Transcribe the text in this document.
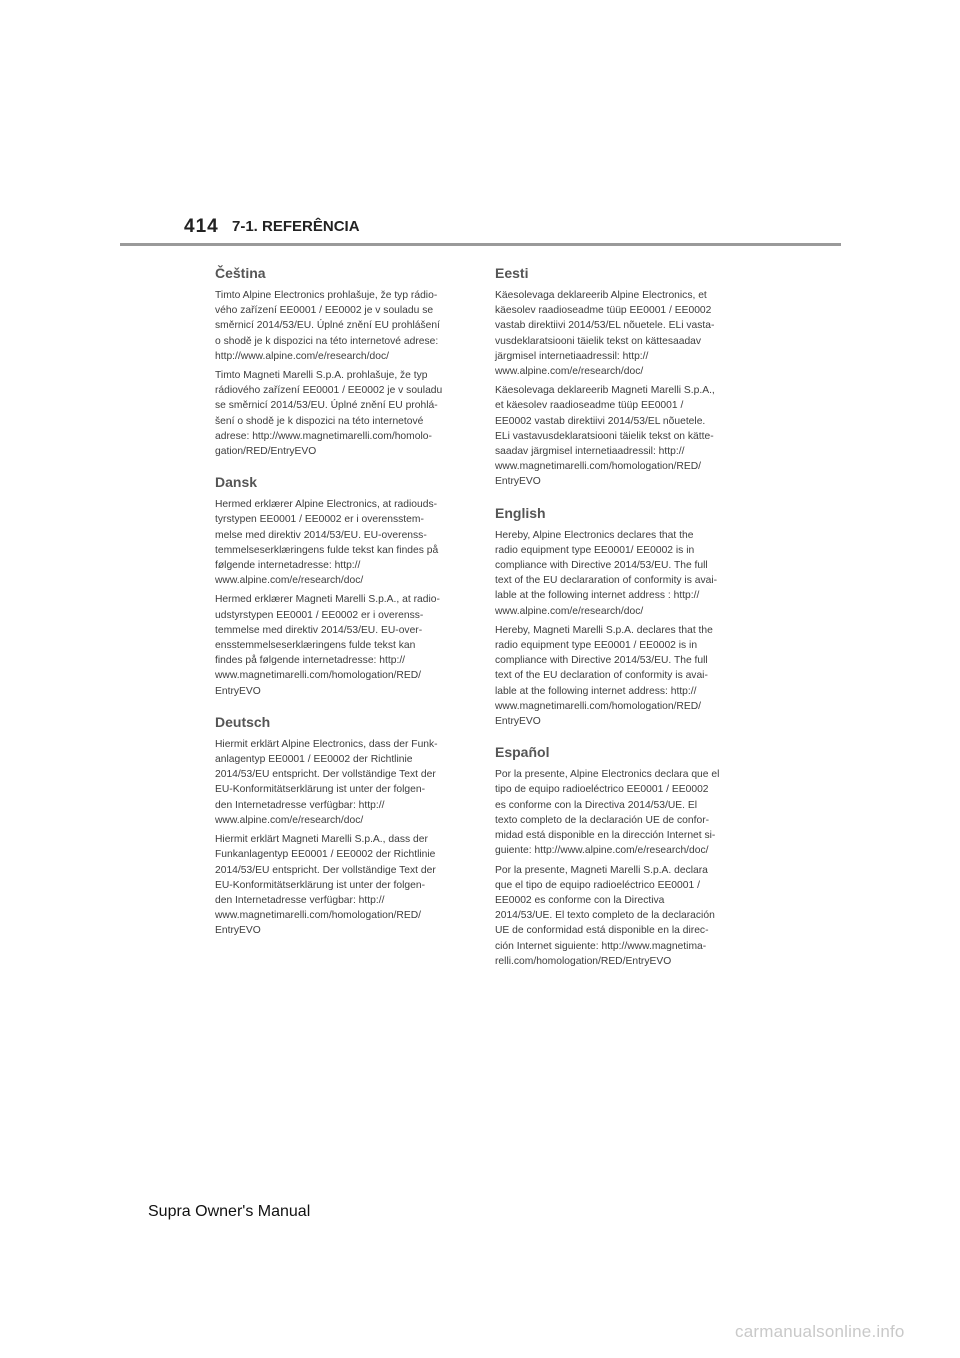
414 7-1. REFERÊNCIA
Čeština

Timto Alpine Electronics prohlašuje, že typ rádio-
vého zařízení EE0001 / EE0002 je v souladu se
směrnicí 2014/53/EU. Úplné znění EU prohlášení
o shodě je k dispozici na této internetové adrese:
http://www.alpine.com/e/research/doc/

Timto Magneti Marelli S.p.A. prohlašuje, že typ
rádiového zařízení EE0001 / EE0002 je v souladu
se směrnicí 2014/53/EU. Úplné znění EU prohlá-
šení o shodě je k dispozici na této internetové
adrese: http://www.magnetimarelli.com/homolo-
gation/RED/EntryEVO

Dansk

Hermed erklærer Alpine Electronics, at radiouds-
tyrstypen EE0001 / EE0002 er i overensstem-
melse med direktiv 2014/53/EU. EU-overenss-
temmelseserklæringens fulde tekst kan findes på
følgende internetadresse: http://
www.alpine.com/e/research/doc/

Hermed erklærer Magneti Marelli S.p.A., at radio-
udstyrstypen EE0001 / EE0002 er i overenss-
temmelse med direktiv 2014/53/EU. EU-over-
ensstemmelseserklæringens fulde tekst kan
findes på følgende internetadresse: http://
www.magnetimarelli.com/homologation/RED/
EntryEVO

Deutsch

Hiermit erklärt Alpine Electronics, dass der Funk-
anlagentyp EE0001 / EE0002 der Richtlinie
2014/53/EU entspricht. Der vollständige Text der
EU-Konformitätserklärung ist unter der folgen-
den Internetadresse verfügbar: http://
www.alpine.com/e/research/doc/

Hiermit erklärt Magneti Marelli S.p.A., dass der
Funkanlagentyp EE0001 / EE0002 der Richtlinie
2014/53/EU entspricht. Der vollständige Text der
EU-Konformitätserklärung ist unter der folgen-
den Internetadresse verfügbar: http://
www.magnetimarelli.com/homologation/RED/
EntryEVO

Eesti

Käesolevaga deklareerib Alpine Electronics, et
käesolev raadioseadme tüüp EE0001 / EE0002
vastab direktiivi 2014/53/EL nõuetele. ELi vasta-
vusdeklaratsiooni täielik tekst on kättesaadav
järgmisel internetiaadressil: http://
www.alpine.com/e/research/doc/

Käesolevaga deklareerib Magneti Marelli S.p.A.,
et käesolev raadioseadme tüüp EE0001 /
EE0002 vastab direktiivi 2014/53/EL nõuetele.
ELi vastavusdeklaratsiooni täielik tekst on kätte-
saadav järgmisel internetiaadressil: http://
www.magnetimarelli.com/homologation/RED/
EntryEVO

English

Hereby, Alpine Electronics declares that the
radio equipment type EE0001/ EE0002 is in
compliance with Directive 2014/53/EU. The full
text of the EU declararation of conformity is avai-
lable at the following internet address : http://
www.alpine.com/e/research/doc/

Hereby, Magneti Marelli S.p.A. declares that the
radio equipment type EE0001 / EE0002 is in
compliance with Directive 2014/53/EU. The full
text of the EU declaration of conformity is avai-
lable at the following internet address: http://
www.magnetimarelli.com/homologation/RED/
EntryEVO

Español

Por la presente, Alpine Electronics declara que el
tipo de equipo radioeléctrico EE0001 / EE0002
es conforme con la Directiva 2014/53/UE. El
texto completo de la declaración UE de confor-
midad está disponible en la dirección Internet si-
guiente: http://www.alpine.com/e/research/doc/

Por la presente, Magneti Marelli S.p.A. declara
que el tipo de equipo radioeléctrico EE0001 /
EE0002 es conforme con la Directiva
2014/53/UE. El texto completo de la declaración
UE de conformidad está disponible en la direc-
ción Internet siguiente: http://www.magnetima-
relli.com/homologation/RED/EntryEVO

Supra Owner's Manual
carmanualsonline.info
